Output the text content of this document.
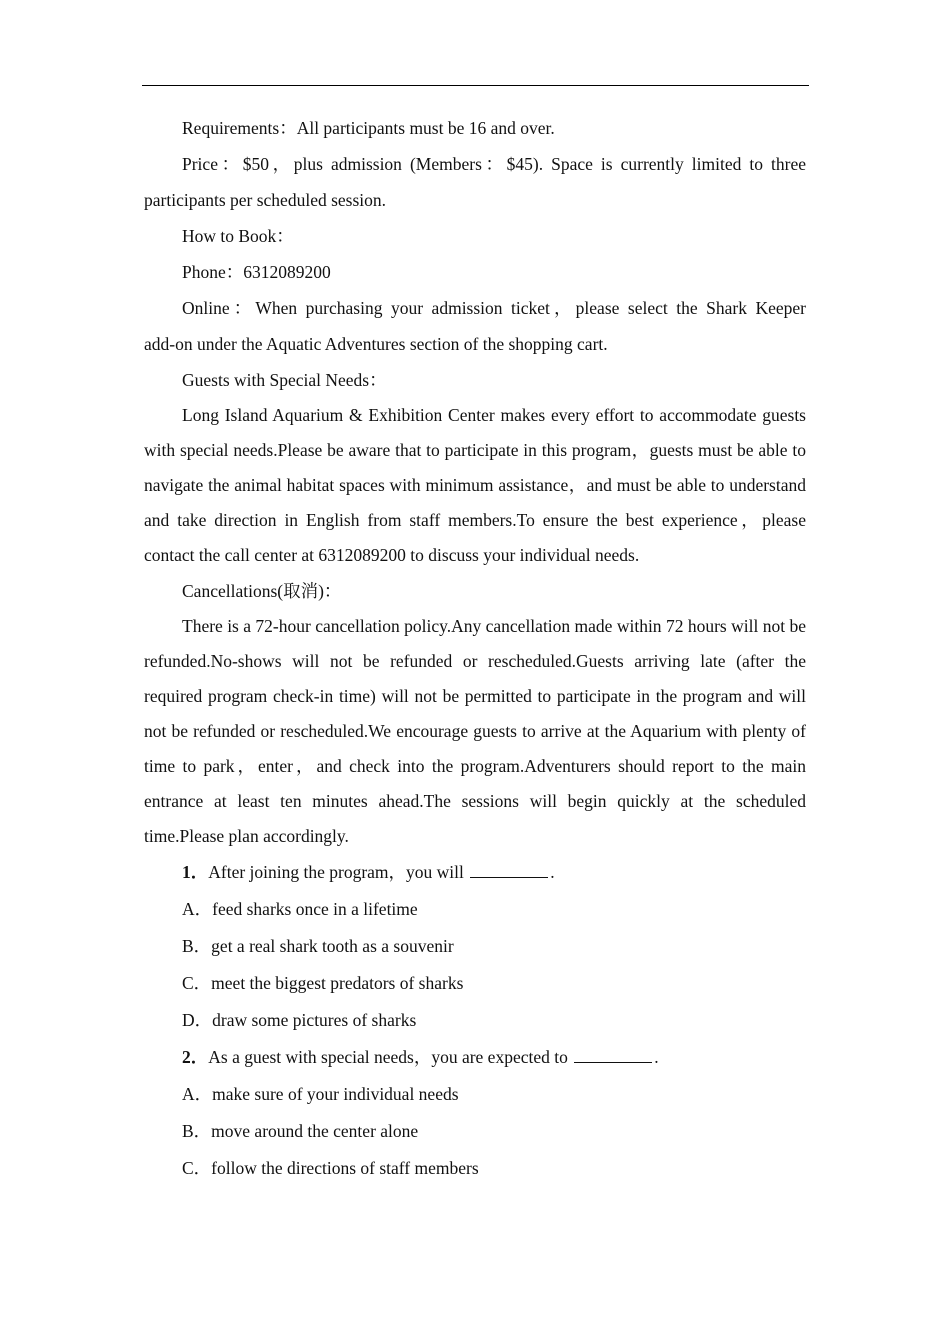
Requirements：All participants must be 16 and over.

Price：$50，plus admission (Members：$45). Space is currently limited to three participants per scheduled session.

How to Book：

Phone：6312089200

Online：When purchasing your admission ticket，please select the Shark Keeper add‑on under the Aquatic Adventures section of the shopping cart.

Guests with Special Needs：

Long Island Aquarium & Exhibition Center makes every effort to accommodate guests with special needs.Please be aware that to participate in this program，guests must be able to navigate the animal habitat spaces with minimum assistance，and must be able to understand and take direction in English from staff members.To ensure the best experience，please contact the call center at 6312089200 to discuss your individual needs.

Cancellations(取消)：

There is a 72‑hour cancellation policy.Any cancellation made within 72 hours will not be refunded.No‑shows will not be refunded or rescheduled.Guests arriving late (after the required program check‑in time) will not be permitted to participate in the program and will not be refunded or rescheduled.We encourage guests to arrive at the Aquarium with plenty of time to park，enter，and check into the program.Adventurers should report to the main entrance at least ten minutes ahead.The sessions will begin quickly at the scheduled time.Please plan accordingly.

1．After joining the program，you will	.

A．feed sharks once in a lifetime

B．get a real shark tooth as a souvenir

C．meet the biggest predators of sharks

D．draw some pictures of sharks

2．As a guest with special needs，you are expected to	.

A．make sure of your individual needs

B．move around the center alone

C．follow the directions of staff members
